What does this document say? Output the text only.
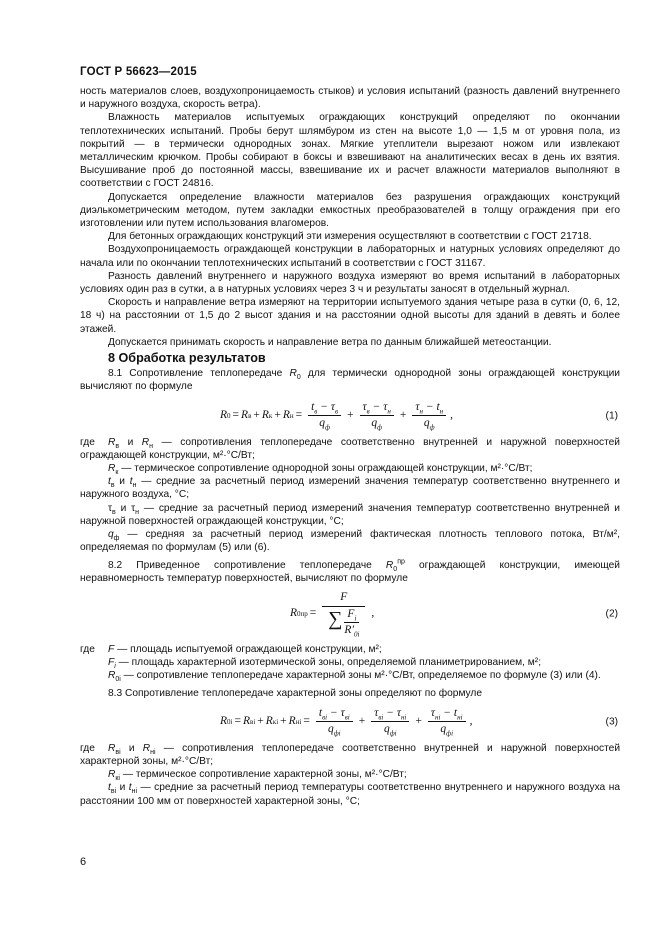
ГОСТ Р 56623—2015

ность материалов слоев, воздухопроницаемость стыков) и условия испытаний (разность давлений внутреннего и наружного воздуха, скорость ветра).

Влажность материалов испытуемых ограждающих конструкций определяют по окончании теплотехнических испытаний. Пробы берут шлямбуром из стен на высоте 1,0 — 1,5 м от уровня пола, из покрытий — в термически однородных зонах. Мягкие утеплители вырезают ножом или извлекают металлическим крючком. Пробы собирают в боксы и взвешивают на аналитических весах в день их взятия. Высушивание проб до постоянной массы, взвешивание их и расчет влажности материалов выполняют в соответствии с ГОСТ 24816.

Допускается определение влажности материалов без разрушения ограждающих конструкций диэлькометрическим методом, путем закладки емкостных преобразователей в толщу ограждения при его изготовлении или путем использования влагомеров.

Для бетонных ограждающих конструкций эти измерения осуществляют в соответствии с ГОСТ 21718.

Воздухопроницаемость ограждающей конструкции в лабораторных и натурных условиях определяют до начала или по окончании теплотехнических испытаний в соответствии с ГОСТ 31167.

Разность давлений внутреннего и наружного воздуха измеряют во время испытаний в лабораторных условиях один раз в сутки, а в натурных условиях через 3 ч и результаты заносят в отдельный журнал.

Скорость и направление ветра измеряют на территории испытуемого здания четыре раза в сутки (0, 6, 12, 18 ч) на расстоянии от 1,5 до 2 высот здания и на расстоянии одной высоты для зданий в девять и более этажей.

Допускается принимать скорость и направление ветра по данным ближайшей метеостанции.

8 Обработка результатов

8.1 Сопротивление теплопередаче $R_0$ для термически однородной зоны ограждающей конструкции вычисляют по формуле

R 0 = R в + R к + R $н = \frac{t_в - \tau_в}{q_ф} + \frac{\tau_в - \tau_н}{q_ф} + \frac{\tau_н - t_н}{q_ф}$ ,	(1)

где $R_в$ и $R_н$ — сопротивления теплопередаче соответственно внутренней и наружной поверхностей ограждающей конструкции, м²·°С/Вт;

$R_к$ — термическое сопротивление однородной зоны ограждающей конструкции, м²·°С/Вт;

$t_в$ и $t_н$ — средние за расчетный период измерений значения температур соответственно внутреннего и наружного воздуха, °С;

$\tau_в$ и $\tau_н$ — средние за расчетный период измерений значения температур соответственно внутренней и наружной поверхностей ограждающей конструкции, °С;

$q_ф$ — средняя за расчетный период измерений фактическая плотность теплового потока, Вт/м², определяемая по формулам (5) или (6).

8.2 Приведенное сопротивление теплопередаче $R_0^{пр}$ ограждающей конструкции, имеющей неравномерность температур поверхностей, вычисляют по формуле

R 0 пр = $\frac{F}{\sum \frac{F_i}{R'_{0i}}}$ ,	(2)

где F — площадь испытуемой ограждающей конструкции, м²;

$F_i$ — площадь характерной изотермической зоны, определяемой планиметрированием, м²;

$R_{0i}$ — сопротивление теплопередаче характерной зоны м²·°С/Вт, определяемое по формуле (3) или (4).

8.3 Сопротивление теплопередаче характерной зоны определяют по формуле

R 0i = R вi + R кi + R нi = $\frac{t_{вi} - \tau_{вi}}{q_{фi}} + \frac{\tau_{вi} - \tau_{нi}}{q_{фi}} + \frac{\tau_{нi} - t_{нi}}{q_{фi}}$ ,	(3)

где $R_{вi}$ и $R_{нi}$ — сопротивления теплопередаче соответственно внутренней и наружной поверхностей характерной зоны, м²·°С/Вт;

$R_{кi}$ — термическое сопротивление характерной зоны, м²·°С/Вт;

$t_{вi}$ и $t_{нi}$ — средние за расчетный период температуры соответственно внутреннего и наружного воздуха на расстоянии 100 мм от поверхностей характерной зоны, °С;

6
